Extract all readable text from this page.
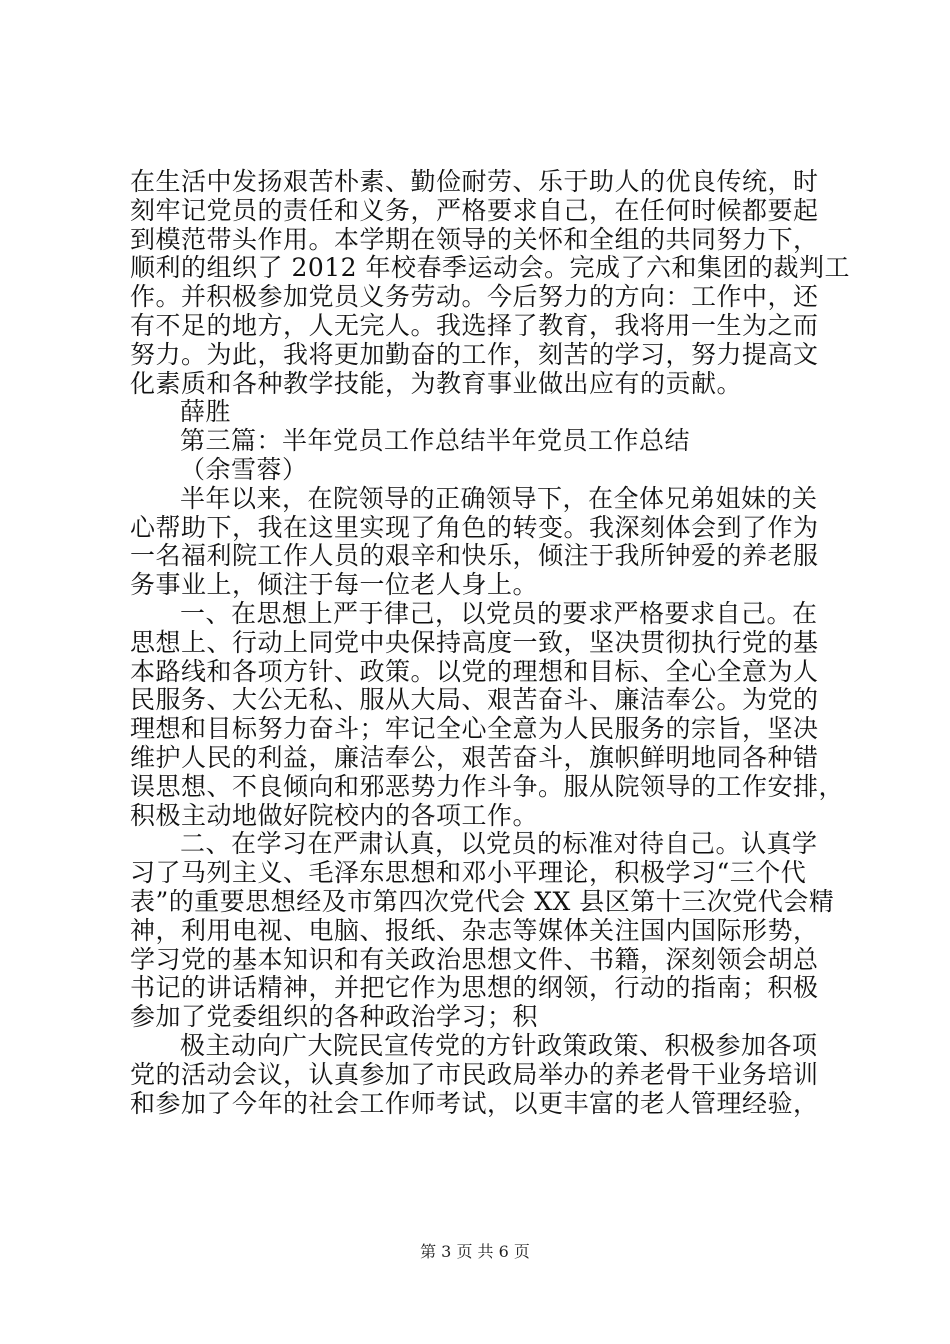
在生活中发扬艰苦朴素、勤俭耐劳、乐于助人的优良传统，时
刻牢记党员的责任和义务，严格要求自己，在任何时候都要起
到模范带头作用。本学期在领导的关怀和全组的共同努力下，
顺利的组织了 2012 年校春季运动会。完成了六和集团的裁判工
作。并积极参加党员义务劳动。今后努力的方向：工作中，还
有不足的地方，人无完人。我选择了教育，我将用一生为之而
努力。为此，我将更加勤奋的工作，刻苦的学习，努力提高文
化素质和各种教学技能，为教育事业做出应有的贡献。
薛胜
第三篇：半年党员工作总结半年党员工作总结
（余雪蓉）
半年以来，在院领导的正确领导下，在全体兄弟姐妹的关
心帮助下，我在这里实现了角色的转变。我深刻体会到了作为
一名福利院工作人员的艰辛和快乐，倾注于我所钟爱的养老服
务事业上，倾注于每一位老人身上。
一、在思想上严于律己，以党员的要求严格要求自己。在
思想上、行动上同党中央保持高度一致，坚决贯彻执行党的基
本路线和各项方针、政策。以党的理想和目标、全心全意为人
民服务、大公无私、服从大局、艰苦奋斗、廉洁奉公。为党的
理想和目标努力奋斗；牢记全心全意为人民服务的宗旨，坚决
维护人民的利益，廉洁奉公，艰苦奋斗，旗帜鲜明地同各种错
误思想、不良倾向和邪恶势力作斗争。服从院领导的工作安排，
积极主动地做好院校内的各项工作。
二、在学习在严肃认真，以党员的标准对待自己。认真学
习了马列主义、毛泽东思想和邓小平理论，积极学习“三个代
表”的重要思想经及市第四次党代会 XX 县区第十三次党代会精
神，利用电视、电脑、报纸、杂志等媒体关注国内国际形势，
学习党的基本知识和有关政治思想文件、书籍，深刻领会胡总
书记的讲话精神，并把它作为思想的纲领，行动的指南；积极
参加了党委组织的各种政治学习；积
极主动向广大院民宣传党的方针政策政策、积极参加各项
党的活动会议，认真参加了市民政局举办的养老骨干业务培训
和参加了今年的社会工作师考试，以更丰富的老人管理经验，
第 3 页 共 6 页
